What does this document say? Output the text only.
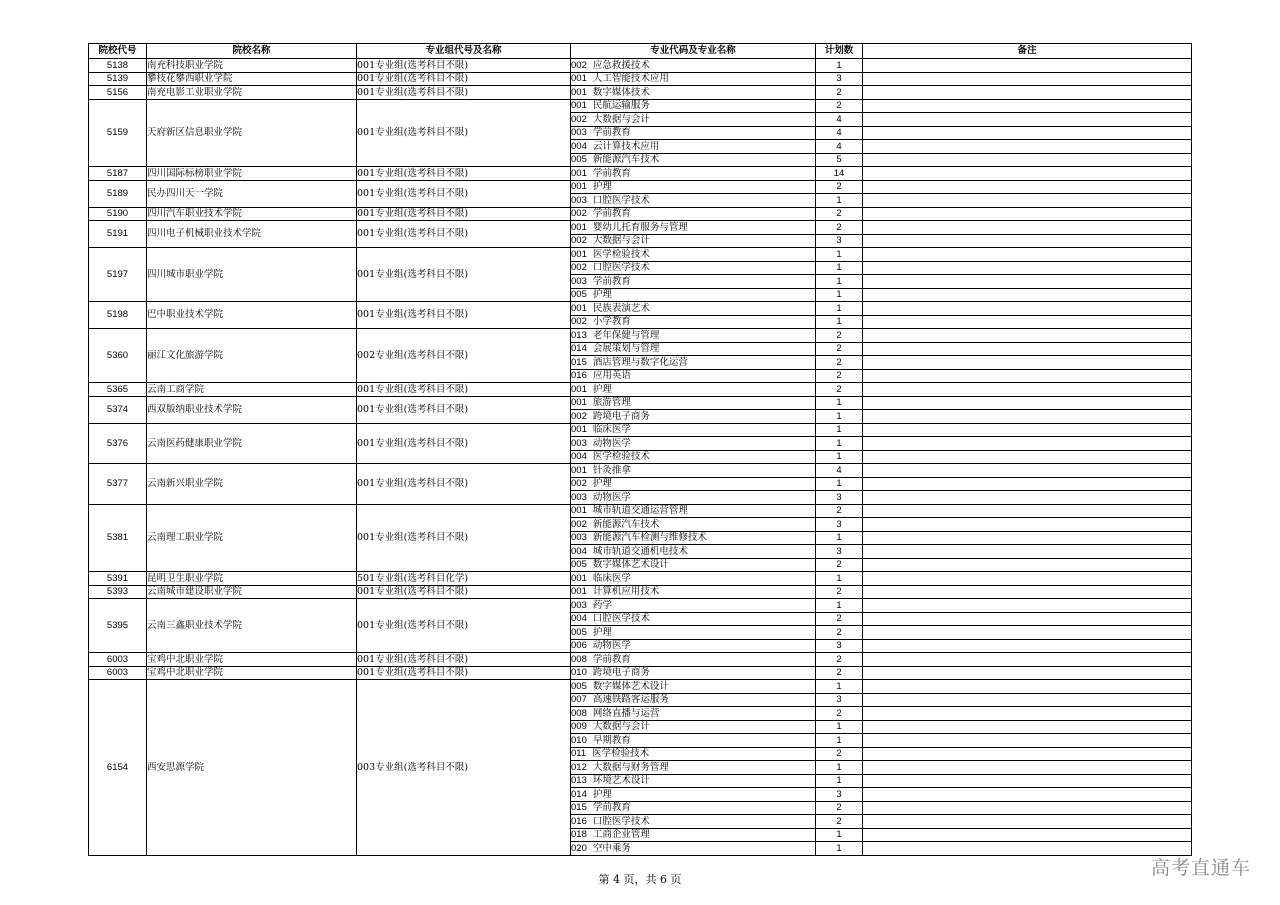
院校代号	院校名称	专业组代号及名称	专业代码及专业名称	计划数	备注
5138	南充科技职业学院	001专业组(选考科目不限)	002 应急救援技术	1	
5139	攀枝花攀西职业学院	001专业组(选考科目不限)	001 人工智能技术应用	3	
5156	南充电影工业职业学院	001专业组(选考科目不限)	001 数字媒体技术	2	
5159	天府新区信息职业学院	001专业组(选考科目不限)	001 民航运输服务	2	
			002 大数据与会计	4	
			003 学前教育	4	
			004 云计算技术应用	4	
			005 新能源汽车技术	5	
5187	四川国际标榜职业学院	001专业组(选考科目不限)	001 学前教育	14	
5189	民办四川天一学院	001专业组(选考科目不限)	001 护理	2	
			003 口腔医学技术	1	
5190	四川汽车职业技术学院	001专业组(选考科目不限)	002 学前教育	2	
5191	四川电子机械职业技术学院	001专业组(选考科目不限)	001 婴幼儿托育服务与管理	2	
			002 大数据与会计	3	
5197	四川城市职业学院	001专业组(选考科目不限)	001 医学检验技术	1	
			002 口腔医学技术	1	
			003 学前教育	1	
			005 护理	1	
5198	巴中职业技术学院	001专业组(选考科目不限)	001 民族表演艺术	1	
			002 小学教育	1	
5360	丽江文化旅游学院	002专业组(选考科目不限)	013 老年保健与管理	2	
			014 会展策划与管理	2	
			015 酒店管理与数字化运营	2	
			016 应用英语	2	
5365	云南工商学院	001专业组(选考科目不限)	001 护理	2	
5374	西双版纳职业技术学院	001专业组(选考科目不限)	001 旅游管理	1	
			002 跨境电子商务	1	
5376	云南医药健康职业学院	001专业组(选考科目不限)	001 临床医学	1	
			003 动物医学	1	
			004 医学检验技术	1	
5377	云南新兴职业学院	001专业组(选考科目不限)	001 针灸推拿	4	
			002 护理	1	
			003 动物医学	3	
5381	云南理工职业学院	001专业组(选考科目不限)	001 城市轨道交通运营管理	2	
			002 新能源汽车技术	3	
			003 新能源汽车检测与维修技术	1	
			004 城市轨道交通机电技术	3	
			005 数字媒体艺术设计	2	
5391	昆明卫生职业学院	501专业组(选考科目化学)	001 临床医学	1	
5393	云南城市建设职业学院	001专业组(选考科目不限)	001 计算机应用技术	2	
5395	云南三鑫职业技术学院	001专业组(选考科目不限)	003 药学	1	
			004 口腔医学技术	2	
			005 护理	2	
			006 动物医学	3	
6003	宝鸡中北职业学院	001专业组(选考科目不限)	008 学前教育	2	
6003	宝鸡中北职业学院	001专业组(选考科目不限)	010 跨境电子商务	2	
6154	西安思源学院	003专业组(选考科目不限)	005 数字媒体艺术设计	1	
			007 高速铁路客运服务	3	
			008 网络直播与运营	2	
			009 大数据与会计	1	
			010 早期教育	1	
			011 医学检验技术	2	
			012 大数据与财务管理	1	
			013 环境艺术设计	1	
			014 护理	3	
			015 学前教育	2	
			016 口腔医学技术	2	
			018 工商企业管理	1	
			020 空中乘务	1	
第 4 页，共 6 页
高考直通车
